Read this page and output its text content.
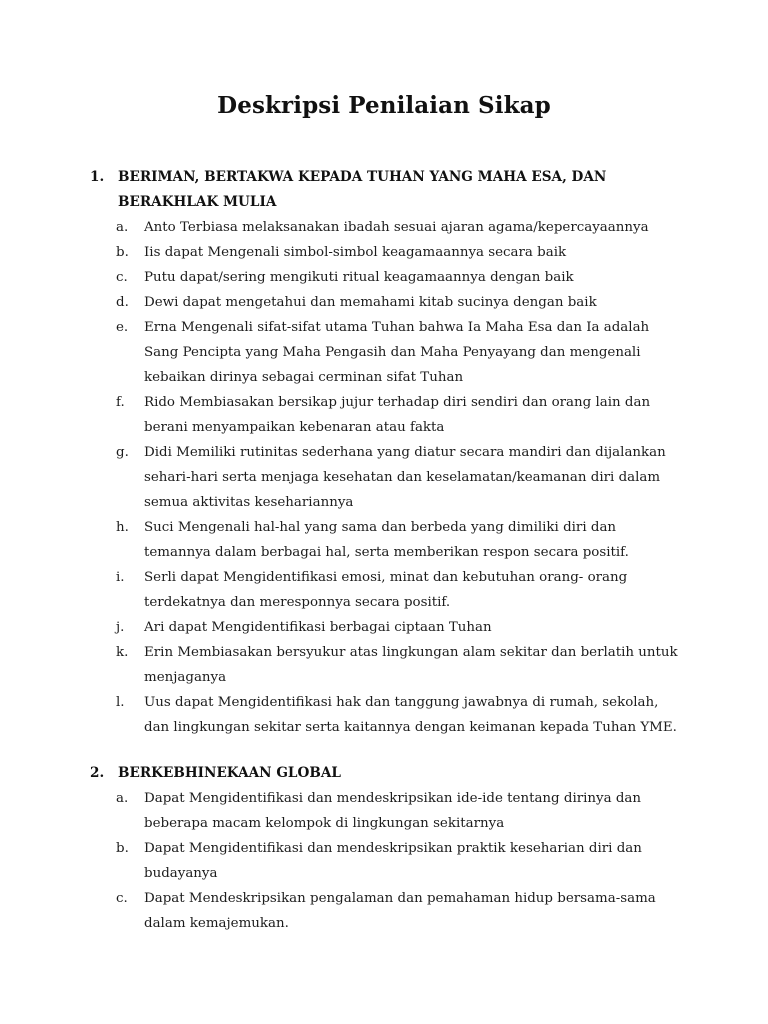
Deskripsi Penilaian Sikap
1. BERIMAN, BERTAKWA KEPADA TUHAN YANG MAHA ESA, DAN BERAKHLAK MULIA
a. Anto Terbiasa melaksanakan ibadah sesuai ajaran agama/kepercayaannya
b. Iis dapat Mengenali simbol-simbol keagamaannya secara baik
c. Putu dapat/sering mengikuti ritual keagamaannya dengan baik
d. Dewi dapat mengetahui dan memahami kitab sucinya dengan baik
e. Erna Mengenali sifat-sifat utama Tuhan bahwa Ia Maha Esa dan Ia adalah Sang Pencipta yang Maha Pengasih dan Maha Penyayang dan mengenali kebaikan dirinya sebagai cerminan sifat Tuhan
f. Rido Membiasakan bersikap jujur terhadap diri sendiri dan orang lain dan berani menyampaikan kebenaran atau fakta
g. Didi Memiliki rutinitas sederhana yang diatur secara mandiri dan dijalankan sehari-hari serta menjaga kesehatan dan keselamatan/keamanan diri dalam semua aktivitas kesehariannya
h. Suci Mengenali hal-hal yang sama dan berbeda yang dimiliki diri dan temannya dalam berbagai hal, serta memberikan respon secara positif.
i. Serli dapat Mengidentifikasi emosi, minat dan kebutuhan orang- orang terdekatnya dan meresponnya secara positif.
j. Ari dapat Mengidentifikasi berbagai ciptaan Tuhan
k. Erin Membiasakan bersyukur atas lingkungan alam sekitar dan berlatih untuk menjaganya
l. Uus dapat Mengidentifikasi hak dan tanggung jawabnya di rumah, sekolah, dan lingkungan sekitar serta kaitannya dengan keimanan kepada Tuhan YME.
2. BERKEBHINEKAAN GLOBAL
a. Dapat Mengidentifikasi dan mendeskripsikan ide-ide tentang dirinya dan beberapa macam kelompok di lingkungan sekitarnya
b. Dapat Mengidentifikasi dan mendeskripsikan praktik keseharian diri dan budayanya
c. Dapat Mendeskripsikan pengalaman dan pemahaman hidup bersama-sama dalam kemajemukan.
